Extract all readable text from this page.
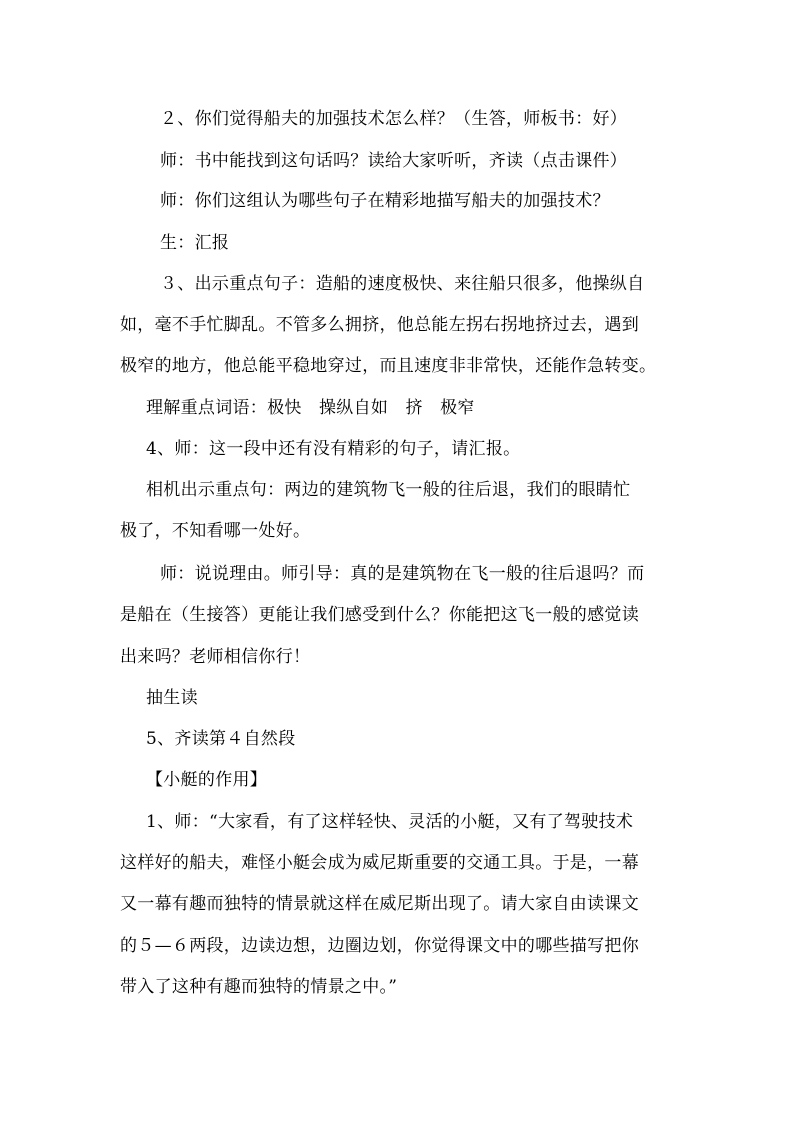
２、你们觉得船夫的加强技术怎么样？（生答，师板书：好）
师：书中能找到这句话吗？读给大家听听，齐读（点击课件）
师：你们这组认为哪些句子在精彩地描写船夫的加强技术？
生：汇报
３、出示重点句子：造船的速度极快、来往船只很多，他操纵自
如，毫不手忙脚乱。不管多么拥挤，他总能左拐右拐地挤过去，遇到
极窄的地方，他总能平稳地穿过，而且速度非非常快，还能作急转变。
理解重点词语：极快　操纵自如　挤　极窄
4、师：这一段中还有没有精彩的句子，请汇报。
相机出示重点句：两边的建筑物飞一般的往后退，我们的眼睛忙
极了，不知看哪一处好。
师：说说理由。师引导：真的是建筑物在飞一般的往后退吗？而
是船在（生接答）更能让我们感受到什么？你能把这飞一般的感觉读
出来吗？老师相信你行！
抽生读
5、齐读第４自然段
【小艇的作用】
1、师：“大家看，有了这样轻快、灵活的小艇，又有了驾驶技术
这样好的船夫，难怪小艇会成为威尼斯重要的交通工具。于是，一幕
又一幕有趣而独特的情景就这样在威尼斯出现了。请大家自由读课文
的５—６两段，边读边想，边圈边划，你觉得课文中的哪些描写把你
带入了这种有趣而独特的情景之中。”
